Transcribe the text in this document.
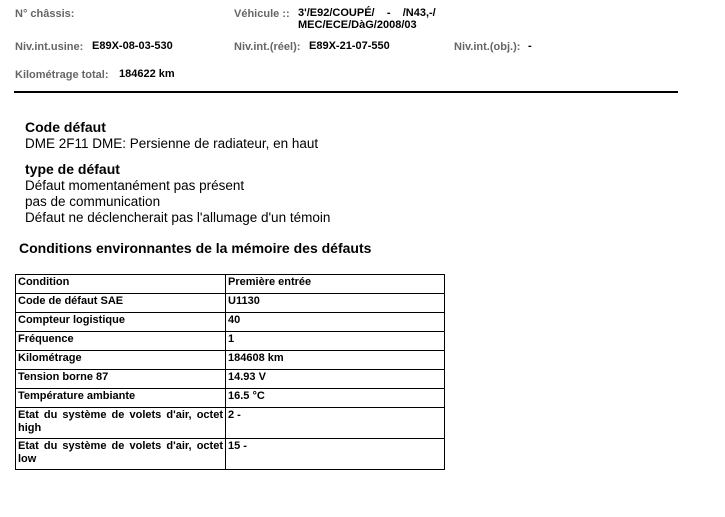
N° châssis:	Véhicule :: 3'/E92/COUPÉ/    -    /N43,-/
MEC/ECE/DàG/2008/03
Niv.int.usine: E89X-08-03-530	Niv.int.(réel): E89X-21-07-550	Niv.int.(obj.): -
Kilométrage total: 184622 km
Code défaut
DME 2F11 DME: Persienne de radiateur, en haut
type de défaut
Défaut momentanément pas présent
pas de communication
Défaut ne déclencherait pas l'allumage d'un témoin
Conditions environnantes de la mémoire des défauts
Condition	Première entrée
Code de défaut SAE	U1130
Compteur logistique	40
Fréquence	1
Kilométrage	184608 km
Tension borne 87	14.93 V
Température ambiante	16.5 °C
Etat du système de volets d'air, octet high	2 -
Etat du système de volets d'air, octet low	15 -
